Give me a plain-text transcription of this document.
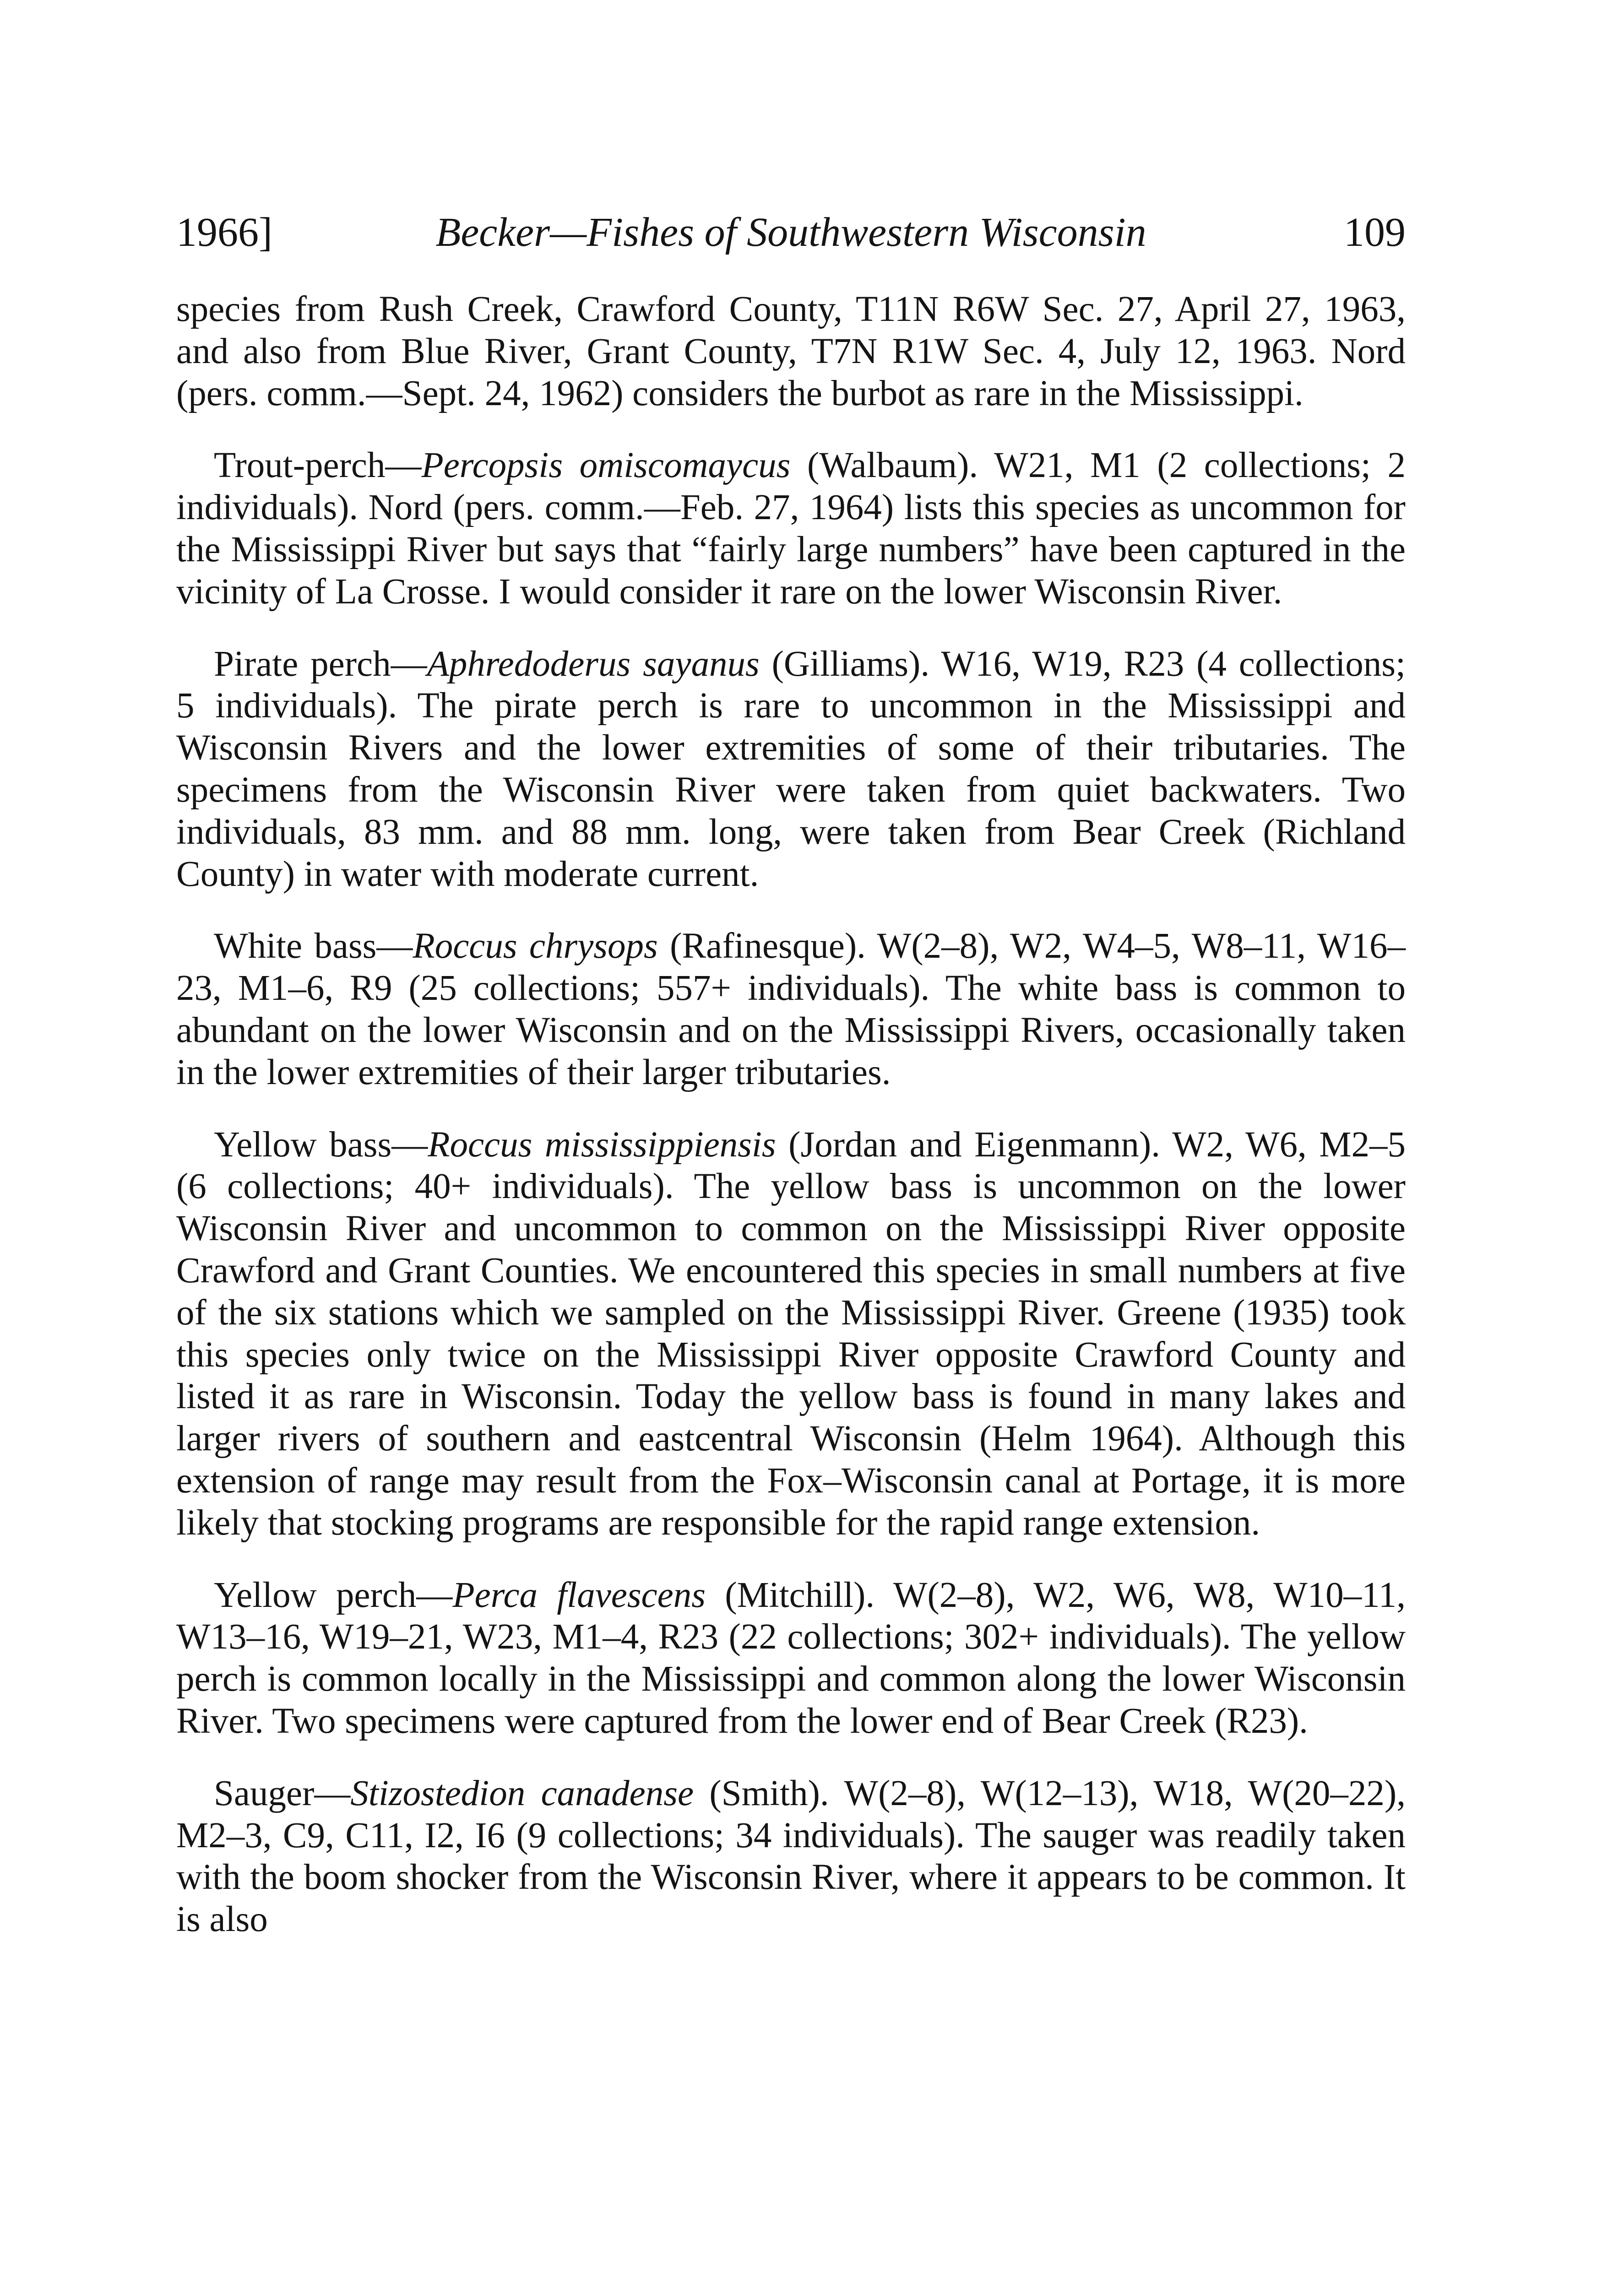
1966]	Becker—Fishes of Southwestern Wisconsin	109

species from Rush Creek, Crawford County, T11N R6W Sec. 27, April 27, 1963, and also from Blue River, Grant County, T7N R1W Sec. 4, July 12, 1963. Nord (pers. comm.—Sept. 24, 1962) considers the burbot as rare in the Mississippi.

Trout-perch—Percopsis omiscomaycus (Walbaum). W21, M1 (2 collections; 2 individuals). Nord (pers. comm.—Feb. 27, 1964) lists this species as uncommon for the Mississippi River but says that “fairly large numbers” have been captured in the vicinity of La Crosse. I would consider it rare on the lower Wisconsin River.

Pirate perch—Aphredoderus sayanus (Gilliams). W16, W19, R23 (4 collections; 5 individuals). The pirate perch is rare to uncommon in the Mississippi and Wisconsin Rivers and the lower extremities of some of their tributaries. The specimens from the Wisconsin River were taken from quiet backwaters. Two individuals, 83 mm. and 88 mm. long, were taken from Bear Creek (Richland County) in water with moderate current.

White bass—Roccus chrysops (Rafinesque). W(2–8), W2, W4–5, W8–11, W16–23, M1–6, R9 (25 collections; 557+ individuals). The white bass is common to abundant on the lower Wisconsin and on the Mississippi Rivers, occasionally taken in the lower extremities of their larger tributaries.

Yellow bass—Roccus mississippiensis (Jordan and Eigenmann). W2, W6, M2–5 (6 collections; 40+ individuals). The yellow bass is uncommon on the lower Wisconsin River and uncommon to common on the Mississippi River opposite Crawford and Grant Counties. We encountered this species in small numbers at five of the six stations which we sampled on the Mississippi River. Greene (1935) took this species only twice on the Mississippi River opposite Crawford County and listed it as rare in Wisconsin. Today the yellow bass is found in many lakes and larger rivers of southern and eastcentral Wisconsin (Helm 1964). Although this extension of range may result from the Fox–Wisconsin canal at Portage, it is more likely that stocking programs are responsible for the rapid range extension.

Yellow perch—Perca flavescens (Mitchill). W(2–8), W2, W6, W8, W10–11, W13–16, W19–21, W23, M1–4, R23 (22 collections; 302+ individuals). The yellow perch is common locally in the Mississippi and common along the lower Wisconsin River. Two specimens were captured from the lower end of Bear Creek (R23).

Sauger—Stizostedion canadense (Smith). W(2–8), W(12–13), W18, W(20–22), M2–3, C9, C11, I2, I6 (9 collections; 34 individuals). The sauger was readily taken with the boom shocker from the Wisconsin River, where it appears to be common. It is also
